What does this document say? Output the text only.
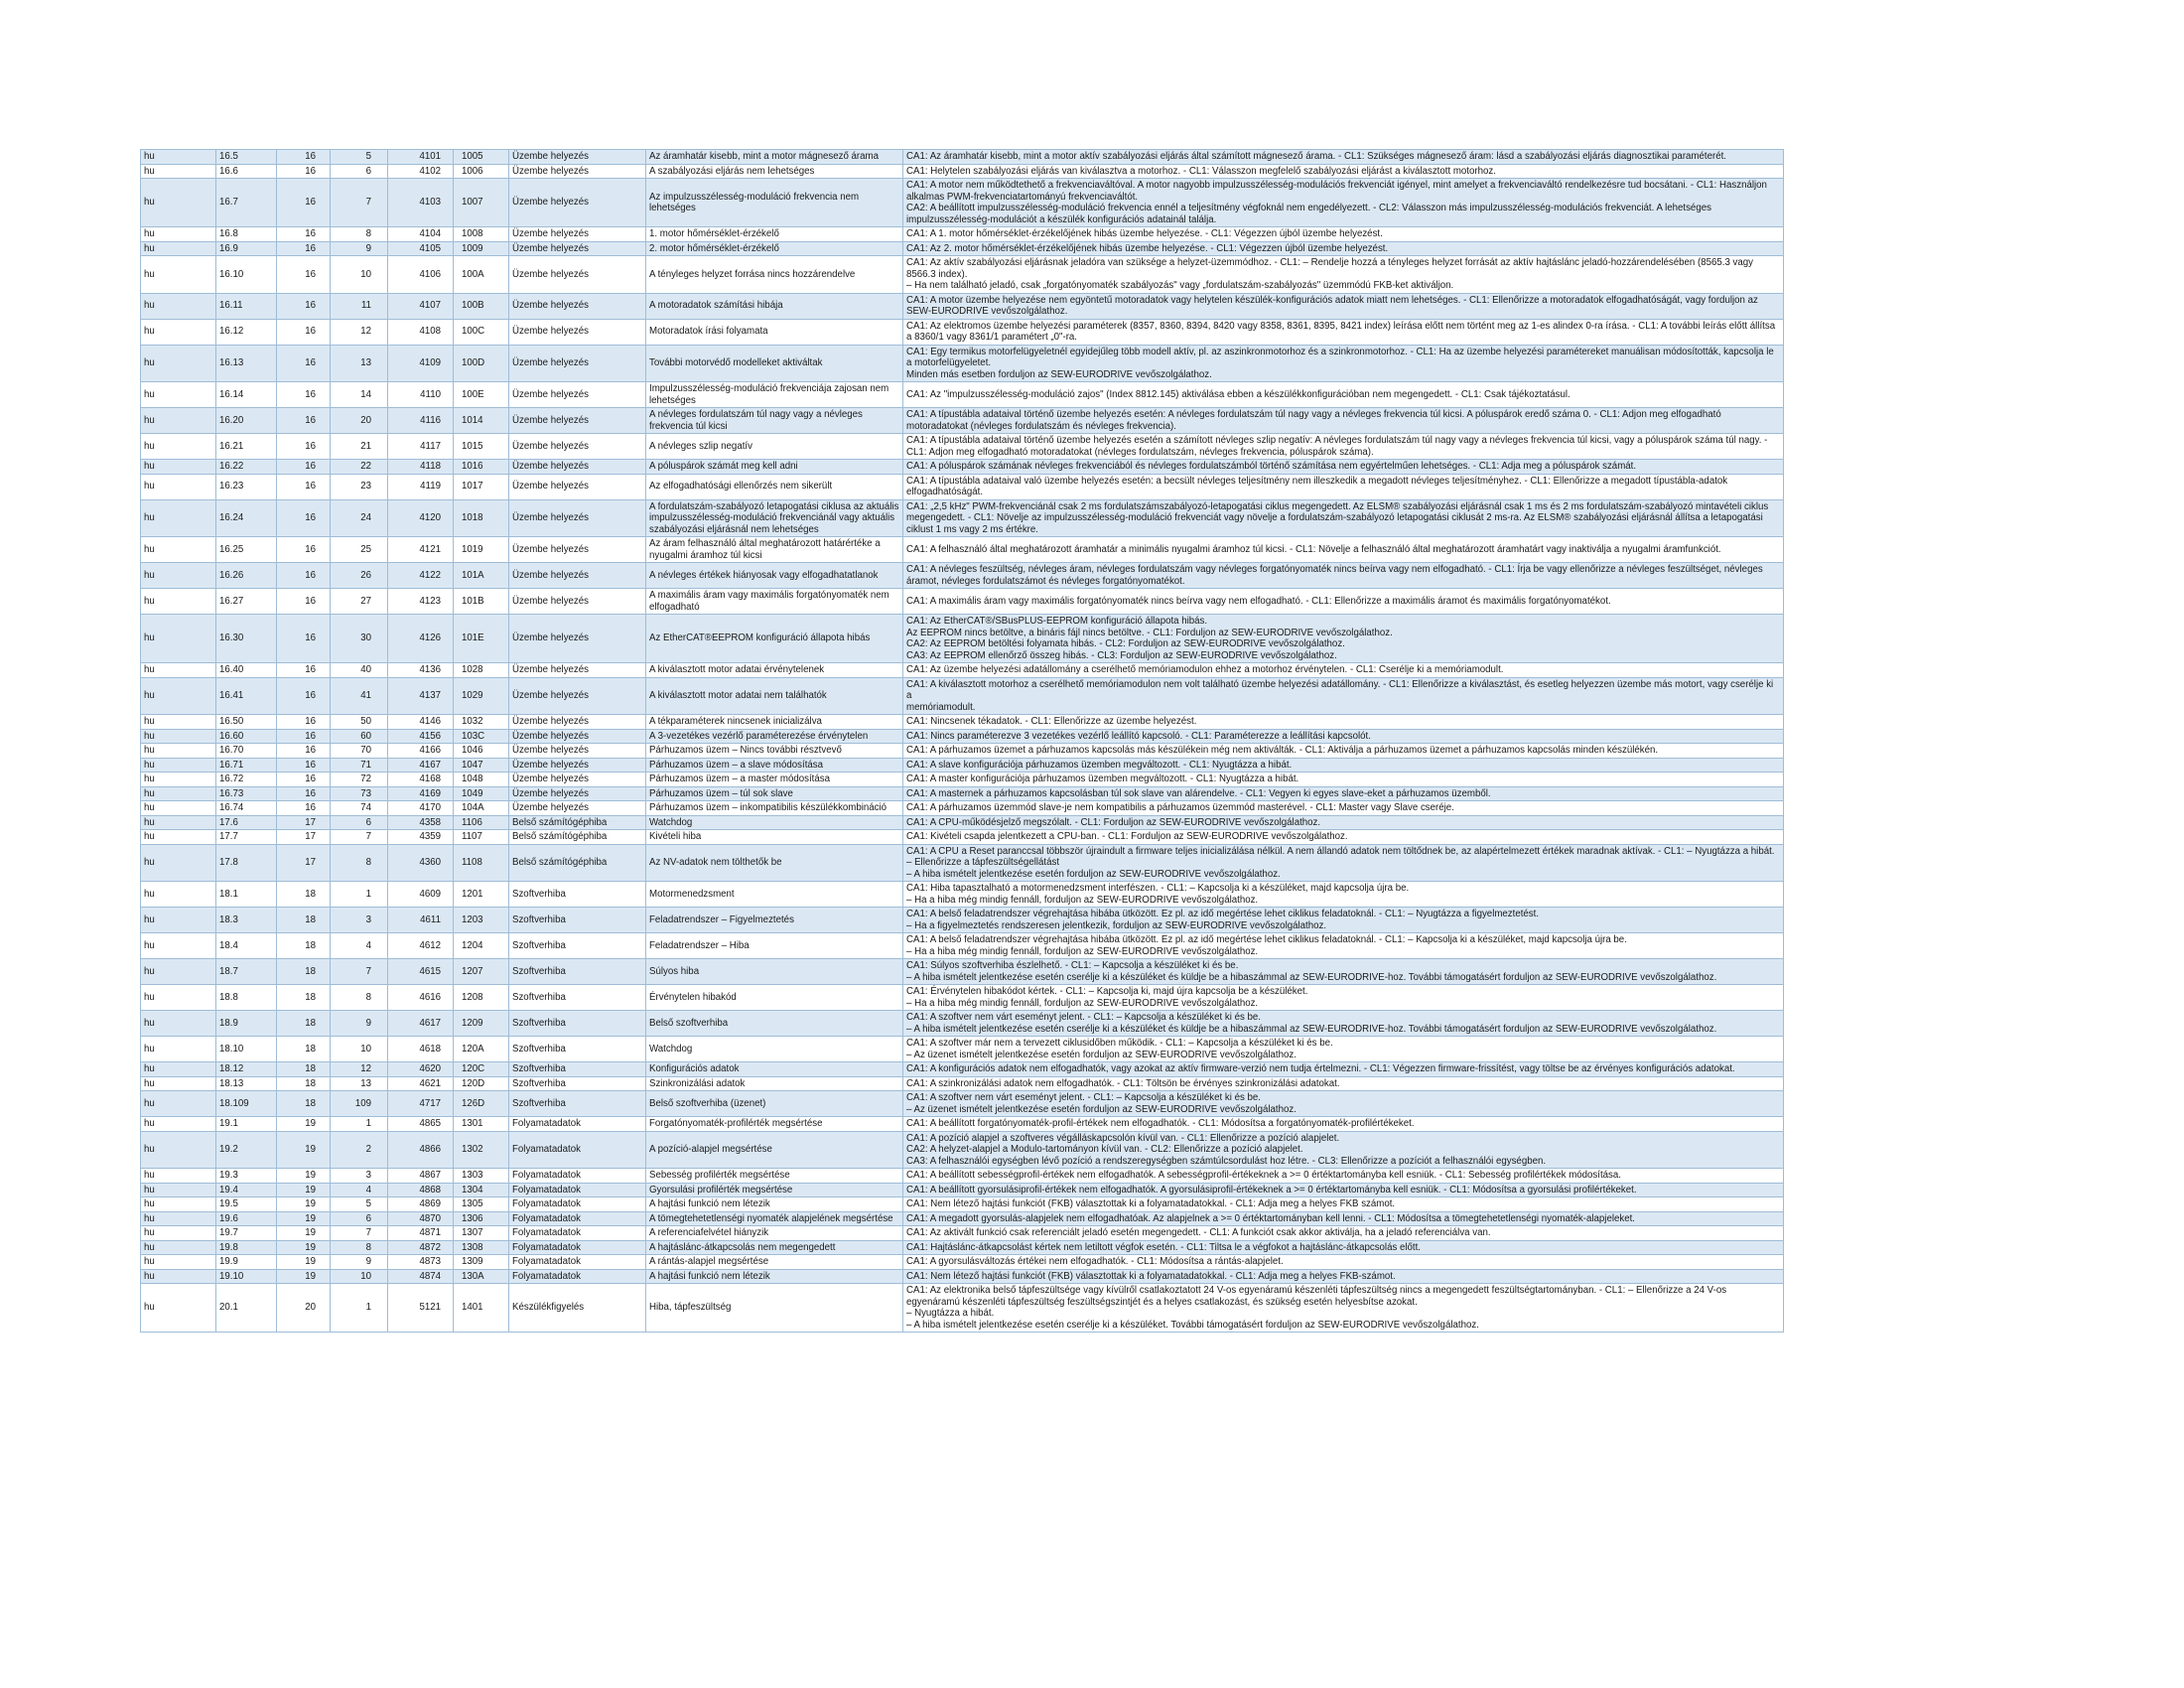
hu	16.5	16	5	4101	1005	Üzembe helyezés	Az áramhatár kisebb, mint a motor mágnesező árama	CA1: Az áramhatár kisebb, mint a motor aktív szabályozási eljárás által számított mágnesező árama. - CL1: Szükséges mágnesező áram: lásd a szabályozási eljárás diagnosztikai paraméterét.
hu	16.6	16	6	4102	1006	Üzembe helyezés	A szabályozási eljárás nem lehetséges	CA1: Helytelen szabályozási eljárás van kiválasztva a motorhoz. - CL1: Válasszon megfelelő szabályozási eljárást a kiválasztott motorhoz.
hu	16.7	16	7	4103	1007	Üzembe helyezés	Az impulzusszélesség-moduláció frekvencia nem lehetséges	CA1: A motor nem működtethető a frekvenciaváltóval. A motor nagyobb impulzusszélesség-modulációs frekvenciát igényel, mint amelyet a frekvenciaváltó rendelkezésre tud bocsátani. - CL1: Használjon
alkalmas PWM-frekvenciatartományú frekvenciaváltót.
CA2: A beállított impulzusszélesség-moduláció frekvencia ennél a teljesítmény végfoknál nem engedélyezett. - CL2: Válasszon más impulzusszélesség-modulációs frekvenciát. A lehetséges
impulzusszélesség-modulációt a készülék konfigurációs adatainál találja.
hu	16.8	16	8	4104	1008	Üzembe helyezés	1. motor hőmérséklet-érzékelő	CA1: A 1. motor hőmérséklet-érzékelőjének hibás üzembe helyezése. - CL1: Végezzen újból üzembe helyezést.
hu	16.9	16	9	4105	1009	Üzembe helyezés	2. motor hőmérséklet-érzékelő	CA1: Az 2. motor hőmérséklet-érzékelőjének hibás üzembe helyezése. - CL1: Végezzen újból üzembe helyezést.
hu	16.10	16	10	4106	100A	Üzembe helyezés	A tényleges helyzet forrása nincs hozzárendelve	CA1: Az aktív szabályozási eljárásnak jeladóra van szüksége a helyzet-üzemmódhoz. - CL1: – Rendelje hozzá a tényleges helyzet forrását az aktív hajtáslánc jeladó-hozzárendelésében (8565.3 vagy
8566.3 index).
– Ha nem található jeladó, csak „forgatónyomaték szabályozás" vagy „fordulatszám-szabályozás" üzemmódú FKB-ket aktiváljon.
hu	16.11	16	11	4107	100B	Üzembe helyezés	A motoradatok számítási hibája	CA1: A motor üzembe helyezése nem egyöntetű motoradatok vagy helytelen készülék-konfigurációs adatok miatt nem lehetséges. - CL1: Ellenőrizze a motoradatok elfogadhatóságát, vagy forduljon az
SEW-EURODRIVE vevőszolgálathoz.
hu	16.12	16	12	4108	100C	Üzembe helyezés	Motoradatok írási folyamata	CA1: Az elektromos üzembe helyezési paraméterek (8357, 8360, 8394, 8420 vagy 8358, 8361, 8395, 8421 index) leírása előtt nem történt meg az 1-es alindex 0-ra írása. - CL1: A további leírás előtt állítsa
a 8360/1 vagy 8361/1 paramétert „0"-ra.
hu	16.13	16	13	4109	100D	Üzembe helyezés	További motorvédő modelleket aktiváltak	CA1: Egy termikus motorfelügyeletnél egyidejűleg több modell aktív, pl. az aszinkronmotorhoz és a szinkronmotorhoz. - CL1: Ha az üzembe helyezési paramétereket manuálisan módosították, kapcsolja le
a motorfelügyeletet.
Minden más esetben forduljon az SEW-EURODRIVE vevőszolgálathoz.
hu	16.14	16	14	4110	100E	Üzembe helyezés	Impulzusszélesség-moduláció frekvenciája zajosan nem lehetséges	CA1: Az "impulzusszélesség-moduláció zajos" (Index 8812.145) aktiválása ebben a készülékkonfigurációban nem megengedett. - CL1: Csak tájékoztatásul.
hu	16.20	16	20	4116	1014	Üzembe helyezés	A névleges fordulatszám túl nagy vagy a névleges frekvencia túl kicsi	CA1: A típustábla adataival történő üzembe helyezés esetén: A névleges fordulatszám túl nagy vagy a névleges frekvencia túl kicsi. A póluspárok eredő száma 0. - CL1: Adjon meg elfogadható
motoradatokat (névleges fordulatszám és névleges frekvencia).
hu	16.21	16	21	4117	1015	Üzembe helyezés	A névleges szlip negatív	CA1: A típustábla adataival történő üzembe helyezés esetén a számított névleges szlip negatív: A névleges fordulatszám túl nagy vagy a névleges frekvencia túl kicsi, vagy a póluspárok száma túl nagy. -
CL1: Adjon meg elfogadható motoradatokat (névleges fordulatszám, névleges frekvencia, póluspárok száma).
hu	16.22	16	22	4118	1016	Üzembe helyezés	A póluspárok számát meg kell adni	CA1: A póluspárok számának névleges frekvenciából és névleges fordulatszámból történő számítása nem egyértelműen lehetséges. - CL1: Adja meg a póluspárok számát.
hu	16.23	16	23	4119	1017	Üzembe helyezés	Az elfogadhatósági ellenőrzés nem sikerült	CA1: A típustábla adataival való üzembe helyezés esetén: a becsült névleges teljesítmény nem illeszkedik a megadott névleges teljesítményhez. - CL1: Ellenőrizze a megadott típustábla-adatok
elfogadhatóságát.
hu	16.24	16	24	4120	1018	Üzembe helyezés	A fordulatszám-szabályozó letapogatási ciklusa az aktuális impulzusszélesség-moduláció frekvenciánál vagy aktuális szabályozási eljárásnál nem lehetséges	CA1: „2,5 kHz" PWM-frekvenciánál csak 2 ms fordulatszámszabályozó-letapogatási ciklus megengedett. Az ELSM® szabályozási eljárásnál csak 1 ms és 2 ms fordulatszám-szabályozó mintavételi ciklus
megengedett. - CL1: Növelje az impulzusszélesség-moduláció frekvenciát vagy növelje a fordulatszám-szabályozó letapogatási ciklusát 2 ms-ra. Az ELSM® szabályozási eljárásnál állítsa a letapogatási
ciklust 1 ms vagy 2 ms értékre.
hu	16.25	16	25	4121	1019	Üzembe helyezés	Az áram felhasználó által meghatározott határértéke a nyugalmi áramhoz túl kicsi	CA1: A felhasználó által meghatározott áramhatár a minimális nyugalmi áramhoz túl kicsi. - CL1: Növelje a felhasználó által meghatározott áramhatárt vagy inaktiválja a nyugalmi áramfunkciót.
hu	16.26	16	26	4122	101A	Üzembe helyezés	A névleges értékek hiányosak vagy elfogadhatatlanok	CA1: A névleges feszültség, névleges áram, névleges fordulatszám vagy névleges forgatónyomaték nincs beírva vagy nem elfogadható. - CL1: Írja be vagy ellenőrizze a névleges feszültséget, névleges
áramot, névleges fordulatszámot és névleges forgatónyomatékot.
hu	16.27	16	27	4123	101B	Üzembe helyezés	A maximális áram vagy maximális forgatónyomaték nem elfogadható	CA1: A maximális áram vagy maximális forgatónyomaték nincs beírva vagy nem elfogadható. - CL1: Ellenőrizze a maximális áramot és maximális forgatónyomatékot.
hu	16.30	16	30	4126	101E	Üzembe helyezés	Az EtherCAT®EEPROM konfiguráció állapota hibás	CA1: Az EtherCAT®/SBusPLUS-EEPROM konfiguráció állapota hibás.
Az EEPROM nincs betöltve, a bináris fájl nincs betöltve. - CL1: Forduljon az SEW-EURODRIVE vevőszolgálathoz.
CA2: Az EEPROM betöltési folyamata hibás. - CL2: Forduljon az SEW-EURODRIVE vevőszolgálathoz.
CA3: Az EEPROM ellenőrző összeg hibás. - CL3: Forduljon az SEW-EURODRIVE vevőszolgálathoz.
hu	16.40	16	40	4136	1028	Üzembe helyezés	A kiválasztott motor adatai érvénytelenek	CA1: Az üzembe helyezési adatállomány a cserélhető memóriamodulon ehhez a motorhoz érvénytelen. - CL1: Cserélje ki a memóriamodult.
hu	16.41	16	41	4137	1029	Üzembe helyezés	A kiválasztott motor adatai nem találhatók	CA1: A kiválasztott motorhoz a cserélhető memóriamodulon nem volt található üzembe helyezési adatállomány. - CL1: Ellenőrizze a kiválasztást, és esetleg helyezzen üzembe más motort, vagy cserélje ki a
memóriamodult.
hu	16.50	16	50	4146	1032	Üzembe helyezés	A tékparaméterek nincsenek inicializálva	CA1: Nincsenek tékadatok. - CL1: Ellenőrizze az üzembe helyezést.
hu	16.60	16	60	4156	103C	Üzembe helyezés	A 3-vezetékes vezérlő paraméterezése érvénytelen	CA1: Nincs paraméterezve 3 vezetékes vezérlő leállító kapcsoló. - CL1: Paraméterezze a leállítási kapcsolót.
hu	16.70	16	70	4166	1046	Üzembe helyezés	Párhuzamos üzem – Nincs további résztvevő	CA1: A párhuzamos üzemet a párhuzamos kapcsolás más készülékein még nem aktiválták. - CL1: Aktiválja a párhuzamos üzemet a párhuzamos kapcsolás minden készülékén.
hu	16.71	16	71	4167	1047	Üzembe helyezés	Párhuzamos üzem – a slave módosítása	CA1: A slave konfigurációja párhuzamos üzemben megváltozott. - CL1: Nyugtázza a hibát.
hu	16.72	16	72	4168	1048	Üzembe helyezés	Párhuzamos üzem – a master módosítása	CA1: A master konfigurációja párhuzamos üzemben megváltozott. - CL1: Nyugtázza a hibát.
hu	16.73	16	73	4169	1049	Üzembe helyezés	Párhuzamos üzem – túl sok slave	CA1: A masternek a párhuzamos kapcsolásban túl sok slave van alárendelve. - CL1: Vegyen ki egyes slave-eket a párhuzamos üzemből.
hu	16.74	16	74	4170	104A	Üzembe helyezés	Párhuzamos üzem – inkompatibilis készülékkombináció	CA1: A párhuzamos üzemmód slave-je nem kompatibilis a párhuzamos üzemmód masterével. - CL1: Master vagy Slave cseréje.
hu	17.6	17	6	4358	1106	Belső számítógéphiba	Watchdog	CA1: A CPU-működésjelző megszólalt. - CL1: Forduljon az SEW-EURODRIVE vevőszolgálathoz.
hu	17.7	17	7	4359	1107	Belső számítógéphiba	Kivételi hiba	CA1: Kivételi csapda jelentkezett a CPU-ban. - CL1: Forduljon az SEW-EURODRIVE vevőszolgálathoz.
hu	17.8	17	8	4360	1108	Belső számítógéphiba	Az NV-adatok nem tölthetők be	CA1: A CPU a Reset paranccsal többször újraindult a firmware teljes inicializálása nélkül. A nem állandó adatok nem töltődnek be, az alapértelmezett értékek maradnak aktívak. - CL1: – Nyugtázza a hibát.
– Ellenőrizze a tápfeszültségellátást
– A hiba ismételt jelentkezése esetén forduljon az SEW-EURODRIVE vevőszolgálathoz.
hu	18.1	18	1	4609	1201	Szoftverhiba	Motormenedzsment	CA1: Hiba tapasztalható a motormenedzsment interfészen. - CL1: – Kapcsolja ki a készüléket, majd kapcsolja újra be.
– Ha a hiba még mindig fennáll, forduljon az SEW-EURODRIVE vevőszolgálathoz.
hu	18.3	18	3	4611	1203	Szoftverhiba	Feladatrendszer – Figyelmeztetés	CA1: A belső feladatrendszer végrehajtása hibába ütközött. Ez pl. az idő megértése lehet ciklikus feladatoknál. - CL1: – Nyugtázza a figyelmeztetést.
– Ha a figyelmeztetés rendszeresen jelentkezik, forduljon az SEW-EURODRIVE vevőszolgálathoz.
hu	18.4	18	4	4612	1204	Szoftverhiba	Feladatrendszer – Hiba	CA1: A belső feladatrendszer végrehajtása hibába ütközött. Ez pl. az idő megértése lehet ciklikus feladatoknál. - CL1: – Kapcsolja ki a készüléket, majd kapcsolja újra be.
– Ha a hiba még mindig fennáll, forduljon az SEW-EURODRIVE vevőszolgálathoz.
hu	18.7	18	7	4615	1207	Szoftverhiba	Súlyos hiba	CA1: Súlyos szoftverhiba észlelhető. - CL1: – Kapcsolja a készüléket ki és be.
– A hiba ismételt jelentkezése esetén cserélje ki a készüléket és küldje be a hibaszámmal az SEW-EURODRIVE-hoz. További támogatásért forduljon az SEW-EURODRIVE vevőszolgálathoz.
hu	18.8	18	8	4616	1208	Szoftverhiba	Érvénytelen hibakód	CA1: Érvénytelen hibakódot kértek. - CL1: – Kapcsolja ki, majd újra kapcsolja be a készüléket.
– Ha a hiba még mindig fennáll, forduljon az SEW-EURODRIVE vevőszolgálathoz.
hu	18.9	18	9	4617	1209	Szoftverhiba	Belső szoftverhiba	CA1: A szoftver nem várt eseményt jelent. - CL1: – Kapcsolja a készüléket ki és be.
– A hiba ismételt jelentkezése esetén cserélje ki a készüléket és küldje be a hibaszámmal az SEW-EURODRIVE-hoz. További támogatásért forduljon az SEW-EURODRIVE vevőszolgálathoz.
hu	18.10	18	10	4618	120A	Szoftverhiba	Watchdog	CA1: A szoftver már nem a tervezett ciklusidőben működik. - CL1: – Kapcsolja a készüléket ki és be.
– Az üzenet ismételt jelentkezése esetén forduljon az SEW-EURODRIVE vevőszolgálathoz.
hu	18.12	18	12	4620	120C	Szoftverhiba	Konfigurációs adatok	CA1: A konfigurációs adatok nem elfogadhatók, vagy azokat az aktív firmware-verzió nem tudja értelmezni. - CL1: Végezzen firmware-frissítést, vagy töltse be az érvényes konfigurációs adatokat.
hu	18.13	18	13	4621	120D	Szoftverhiba	Szinkronizálási adatok	CA1: A szinkronizálási adatok nem elfogadhatók. - CL1: Töltsön be érvényes szinkronizálási adatokat.
hu	18.109	18	109	4717	126D	Szoftverhiba	Belső szoftverhiba (üzenet)	CA1: A szoftver nem várt eseményt jelent. - CL1: – Kapcsolja a készüléket ki és be.
– Az üzenet ismételt jelentkezése esetén forduljon az SEW-EURODRIVE vevőszolgálathoz.
hu	19.1	19	1	4865	1301	Folyamatadatok	Forgatónyomaték-profilérték megsértése	CA1: A beállított forgatónyomaték-profil-értékek nem elfogadhatók. - CL1: Módosítsa a forgatónyomaték-profilértékeket.
hu	19.2	19	2	4866	1302	Folyamatadatok	A pozíció-alapjel megsértése	CA1: A pozíció alapjel a szoftveres végálláskapcsolón kívül van. - CL1: Ellenőrizze a pozíció alapjelet.
CA2: A helyzet-alapjel a Modulo-tartományon kívül van. - CL2: Ellenőrizze a pozíció alapjelet.
CA3: A felhasználói egységben lévő pozíció a rendszeregységben számtúlcsordulást hoz létre. - CL3: Ellenőrizze a pozíciót a felhasználói egységben.
hu	19.3	19	3	4867	1303	Folyamatadatok	Sebesség profilérték megsértése	CA1: A beállított sebességprofil-értékek nem elfogadhatók. A sebességprofil-értékeknek a >= 0 értéktartományba kell esniük. - CL1: Sebesség profilértékek módosítása.
hu	19.4	19	4	4868	1304	Folyamatadatok	Gyorsulási profilérték megsértése	CA1: A beállított gyorsulásiprofil-értékek nem elfogadhatók. A gyorsulásiprofil-értékeknek a >= 0 értéktartományba kell esniük. - CL1: Módosítsa a gyorsulási profilértékeket.
hu	19.5	19	5	4869	1305	Folyamatadatok	A hajtási funkció nem létezik	CA1: Nem létező hajtási funkciót (FKB) választottak ki a folyamatadatokkal. - CL1: Adja meg a helyes FKB számot.
hu	19.6	19	6	4870	1306	Folyamatadatok	A tömegtehetetlenségi nyomaték alapjelének megsértése	CA1: A megadott gyorsulás-alapjelek nem elfogadhatóak. Az alapjelnek a >= 0 értéktartományban kell lenni. - CL1: Módosítsa a tömegtehetetlenségi nyomaték-alapjeleket.
hu	19.7	19	7	4871	1307	Folyamatadatok	A referenciafelvétel hiányzik	CA1: Az aktivált funkció csak referenciált jeladó esetén megengedett. - CL1: A funkciót csak akkor aktiválja, ha a jeladó referenciálva van.
hu	19.8	19	8	4872	1308	Folyamatadatok	A hajtáslánc-átkapcsolás nem megengedett	CA1: Hajtáslánc-átkapcsolást kértek nem letiltott végfok esetén. - CL1: Tiltsa le a végfokot a hajtáslánc-átkapcsolás előtt.
hu	19.9	19	9	4873	1309	Folyamatadatok	A rántás-alapjel megsértése	CA1: A gyorsulásváltozás értékei nem elfogadhatók. - CL1: Módosítsa a rántás-alapjelet.
hu	19.10	19	10	4874	130A	Folyamatadatok	A hajtási funkció nem létezik	CA1: Nem létező hajtási funkciót (FKB) választottak ki a folyamatadatokkal. - CL1: Adja meg a helyes FKB-számot.
hu	20.1	20	1	5121	1401	Készülékfigyelés	Hiba, tápfeszültség	CA1: Az elektronika belső tápfeszültsége vagy kívülről csatlakoztatott 24 V-os egyenáramú készenléti tápfeszültség nincs a megengedett feszültségtartományban. - CL1: – Ellenőrizze a 24 V-os
egyenáramú készenléti tápfeszültség feszültségszintjét és a helyes csatlakozást, és szükség esetén helyesbítse azokat.
– Nyugtázza a hibát.
– A hiba ismételt jelentkezése esetén cserélje ki a készüléket. További támogatásért forduljon az SEW-EURODRIVE vevőszolgálathoz.
